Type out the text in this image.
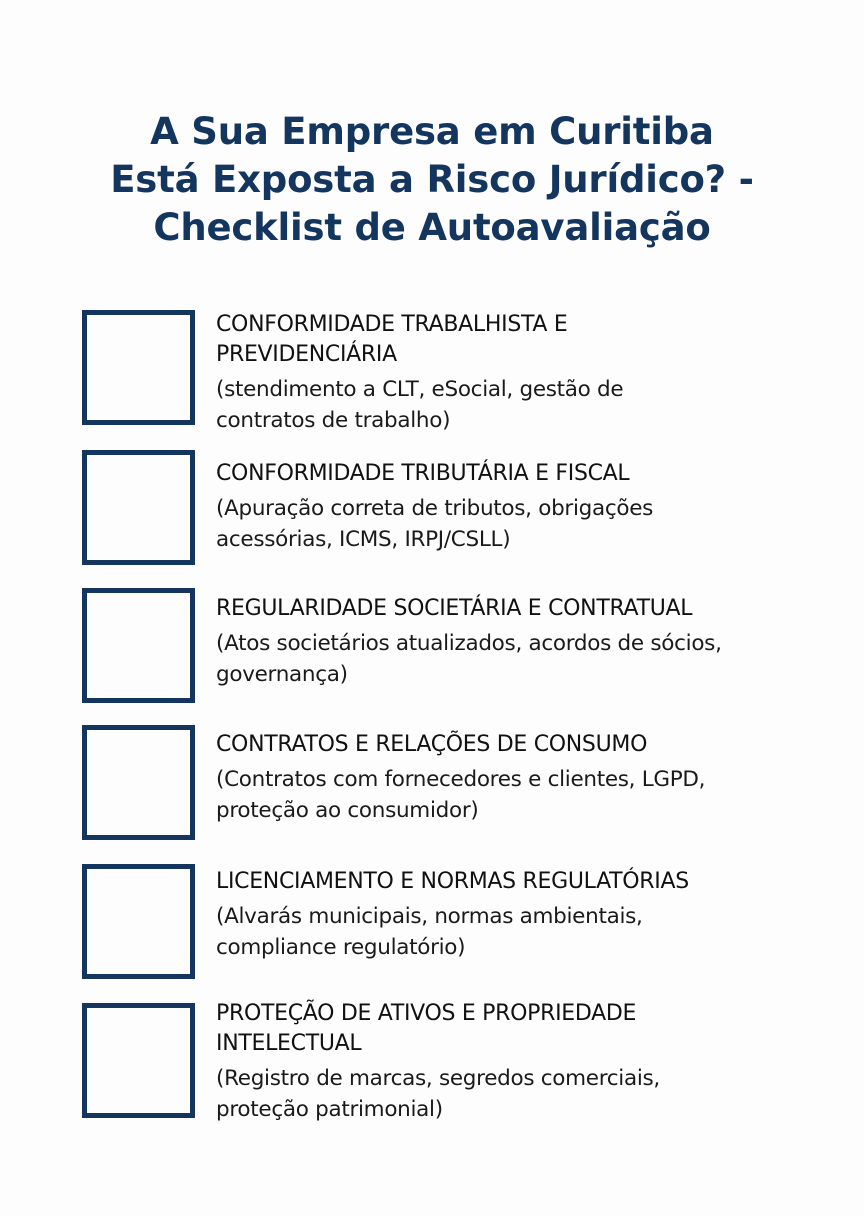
A Sua Empresa em Curitiba
Está Exposta a Risco Jurídico? -
Checklist de Autoavaliação
CONFORMIDADE TRABALHISTA E
PREVIDENCIÁRIA
(stendimento a CLT, eSocial, gestão de
contratos de trabalho)
CONFORMIDADE TRIBUTÁRIA E FISCAL
(Apuração correta de tributos, obrigações
acessórias, ICMS, IRPJ/CSLL)
REGULARIDADE SOCIETÁRIA E CONTRATUAL
(Atos societários atualizados, acordos de sócios,
governança)
CONTRATOS E RELAÇÕES DE CONSUMO
(Contratos com fornecedores e clientes, LGPD,
proteção ao consumidor)
LICENCIAMENTO E NORMAS REGULATÓRIAS
(Alvarás municipais, normas ambientais,
compliance regulatório)
PROTEÇÃO DE ATIVOS E PROPRIEDADE
INTELECTUAL
(Registro de marcas, segredos comerciais,
proteção patrimonial)
